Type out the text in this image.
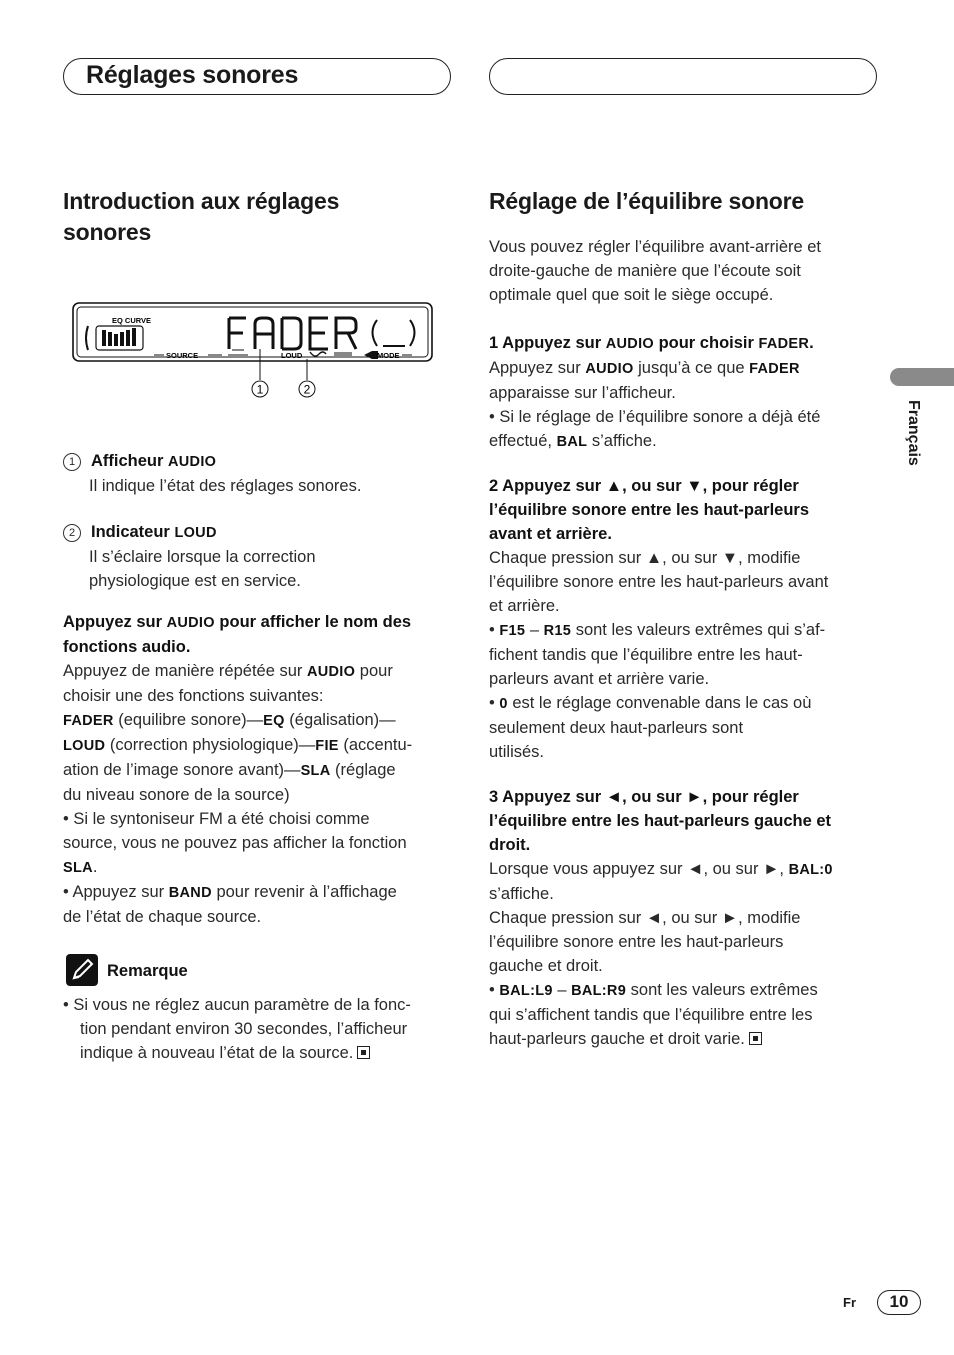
Réglages sonores
Français
Introduction aux réglages
sonores
EQ CURVE
SOURCE	LOUD	MODE
1	2
1 Afficheur AUDIO
Il indique l’état des réglages sonores.
2 Indicateur LOUD
Il s’éclaire lorsque la correction
physiologique est en service.
Appuyez sur AUDIO pour afficher le nom des
fonctions audio.
Appuyez de manière répétée sur AUDIO pour
choisir une des fonctions suivantes:
FADER (equilibre sonore)—EQ (égalisation)—
LOUD (correction physiologique)—FIE (accentu-
ation de l’image sonore avant)—SLA (réglage
du niveau sonore de la source)
• Si le syntoniseur FM a été choisi comme
source, vous ne pouvez pas afficher la fonction
SLA.
• Appuyez sur BAND pour revenir à l’affichage
de l’état de chaque source.
Remarque
• Si vous ne réglez aucun paramètre de la fonc-
tion pendant environ 30 secondes, l’afficheur
indique à nouveau l’état de la source.
Réglage de l’équilibre sonore
Vous pouvez régler l’équilibre avant-arrière et
droite-gauche de manière que l’écoute soit
optimale quel que soit le siège occupé.
1 Appuyez sur AUDIO pour choisir FADER.
Appuyez sur AUDIO jusqu’à ce que FADER
apparaisse sur l’afficheur.
• Si le réglage de l’équilibre sonore a déjà été
effectué, BAL s’affiche.
2 Appuyez sur ▲, ou sur ▼, pour régler
l’équilibre sonore entre les haut-parleurs
avant et arrière.
Chaque pression sur ▲, ou sur ▼, modifie
l’équilibre sonore entre les haut-parleurs avant
et arrière.
• F15 – R15 sont les valeurs extrêmes qui s’af-
fichent tandis que l’équilibre entre les haut-
parleurs avant et arrière varie.
• 0 est le réglage convenable dans le cas où
seulement deux haut-parleurs sont
utilisés.
3 Appuyez sur ◄, ou sur ►, pour régler
l’équilibre entre les haut-parleurs gauche et
droit.
Lorsque vous appuyez sur ◄, ou sur ►, BAL:0
s’affiche.
Chaque pression sur ◄, ou sur ►, modifie
l’équilibre sonore entre les haut-parleurs
gauche et droit.
• BAL:L9 – BAL:R9 sont les valeurs extrêmes
qui s’affichent tandis que l’équilibre entre les
haut-parleurs gauche et droit varie.
Fr	10
